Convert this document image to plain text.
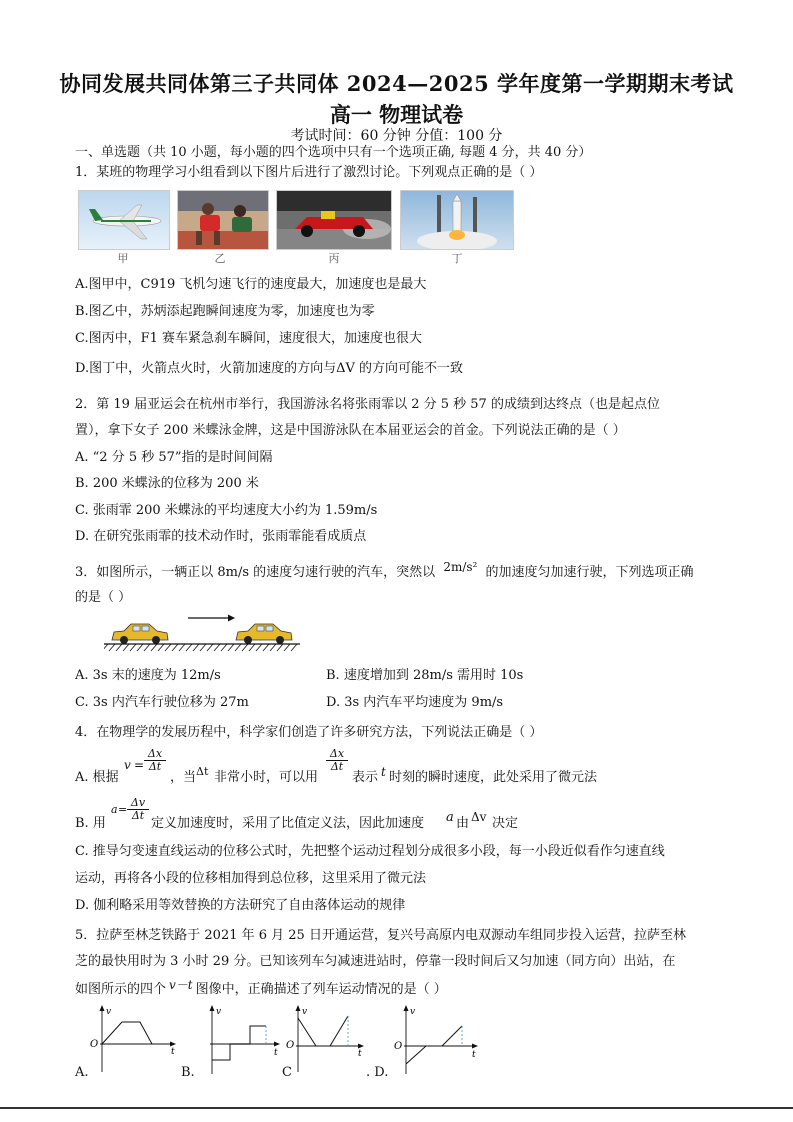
协同发展共同体第三子共同体 2024—2025 学年度第一学期期末考试
高一 物理试卷
考试时间：60 分钟 分值：100 分
一、单选题（共 10 小题，每小题的四个选项中只有一个选项正确, 每题 4 分，共 40 分）
1．某班的物理学习小组看到以下图片后进行了激烈讨论。下列观点正确的是（ ）
甲	乙	丙	丁
A.图甲中，C919 飞机匀速飞行的速度最大，加速度也是最大
B.图乙中，苏炳添起跑瞬间速度为零，加速度也为零
C.图丙中，F1 赛车紧急刹车瞬间，速度很大，加速度也很大
D.图丁中，火箭点火时，火箭加速度的方向与ΔV 的方向可能不一致
2．第 19 届亚运会在杭州市举行，我国游泳名将张雨霏以 2 分 5 秒 57 的成绩到达终点（也是起点位
置），拿下女子 200 米蝶泳金牌，这是中国游泳队在本届亚运会的首金。下列说法正确的是（ ）
A. “2 分 5 秒 57”指的是时间间隔
B. 200 米蝶泳的位移为 200 米
C. 张雨霏 200 米蝶泳的平均速度大小约为 1.59m/s
D. 在研究张雨霏的技术动作时，张雨霏能看成质点
3．如图所示，一辆正以 8m/s 的速度匀速行驶的汽车，突然以 2m/s² 的加速度匀加速行驶，下列选项正确
的是（ ）
A. 3s 末的速度为 12m/s	B. 速度增加到 28m/s 需用时 10s
C. 3s 内汽车行驶位移为 27m	D. 3s 内汽车平均速度为 9m/s
4．在物理学的发展历程中，科学家们创造了许多研究方法，下列说法正确是（ ）
A. 根据
$v = \frac{\Delta x}{\Delta t}$
，当 Δt 非常小时，可以用
$\frac{\Delta x}{\Delta t}$
表示 t 时刻的瞬时速度，此处采用了微元法
B. 用
$a = \frac{\Delta v}{\Delta t}$
定义加速度时，采用了比值定义法，因此加速度 a 由 Δv 决定
C. 推导匀变速直线运动的位移公式时，先把整个运动过程划分成很多小段，每一小段近似看作匀速直线
运动，再将各小段的位移相加得到总位移，这里采用了微元法
D. 伽利略采用等效替换的方法研究了自由落体运动的规律
5．拉萨至林芝铁路于 2021 年 6 月 25 日开通运营，复兴号高原内电双源动车组同步投入运营，拉萨至林
芝的最快用时为 3 小时 29 分。已知该列车匀减速进站时，停靠一段时间后又匀加速（同方向）出站，在
如图所示的四个 v－t 图像中，正确描述了列车运动情况的是（ ）
v
t
O
v
t
v
t
O
v
t
O
A.	B.	C	. D.
